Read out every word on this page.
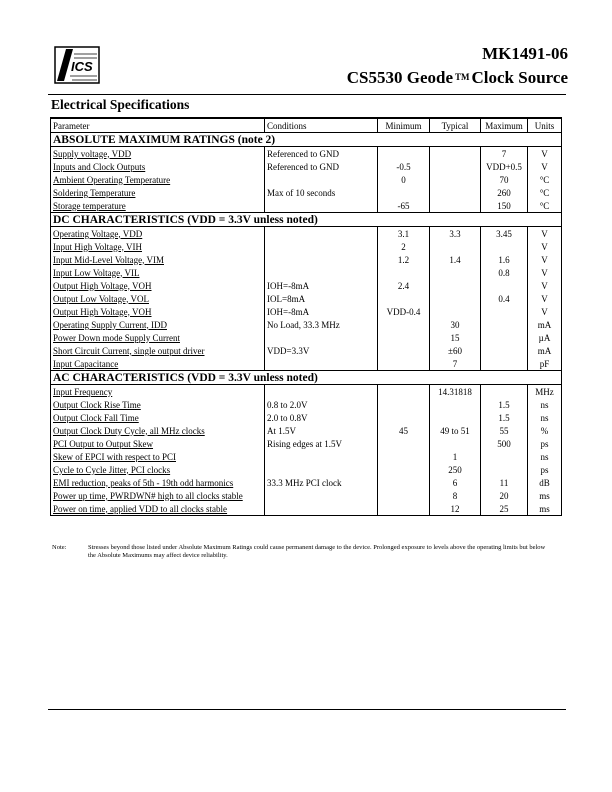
ICS
MK1491-06
CS5530 Geode TM Clock Source
Electrical Specifications
Parameter	Conditions	Minimum	Typical	Maximum	Units
ABSOLUTE MAXIMUM RATINGS (note 2)					
Supply voltage, VDD	Referenced to GND			7	V
Inputs and Clock Outputs	Referenced to GND	-0.5		VDD+0.5	V
Ambient Operating Temperature		0		70	°C
Soldering Temperature	Max of 10 seconds			260	°C
Storage temperature		-65		150	°C
DC CHARACTERISTICS (VDD = 3.3V unless noted)					
Operating Voltage, VDD		3.1	3.3	3.45	V
Input High Voltage, VIH		2			V
Input Mid-Level Voltage, VIM		1.2	1.4	1.6	V
Input Low Voltage, VIL				0.8	V
Output High Voltage, VOH	IOH=-8mA	2.4			V
Output Low Voltage, VOL	IOL=8mA			0.4	V
Output High Voltage, VOH	IOH=-8mA	VDD-0.4			V
Operating Supply Current, IDD	No Load, 33.3 MHz		30		mA
Power Down mode Supply Current			15		µA
Short Circuit Current, single output driver	VDD=3.3V		±60		mA
Input Capacitance			7		pF
AC CHARACTERISTICS (VDD = 3.3V unless noted)					
Input Frequency			14.31818		MHz
Output Clock Rise Time	0.8 to 2.0V			1.5	ns
Output Clock Fall Time	2.0 to 0.8V			1.5	ns
Output Clock Duty Cycle, all MHz clocks	At 1.5V	45	49 to 51	55	%
PCI Output to Output Skew	Rising edges at 1.5V			500	ps
Skew of EPCI with respect to PCI			1		ns
Cycle to Cycle Jitter, PCI clocks			250		ps
EMI reduction, peaks of 5th - 19th odd harmonics	33.3 MHz PCI clock		6	11	dB
Power up time, PWRDWN# high to all clocks stable			8	20	ms
Power on time, applied VDD to all clocks stable			12	25	ms
Note:	Stresses beyond those listed under Absolute Maximum Ratings could cause permanent damage to the device. Prolonged exposure to levels above the operating limits but below the Absolute Maximums may affect device reliability.
